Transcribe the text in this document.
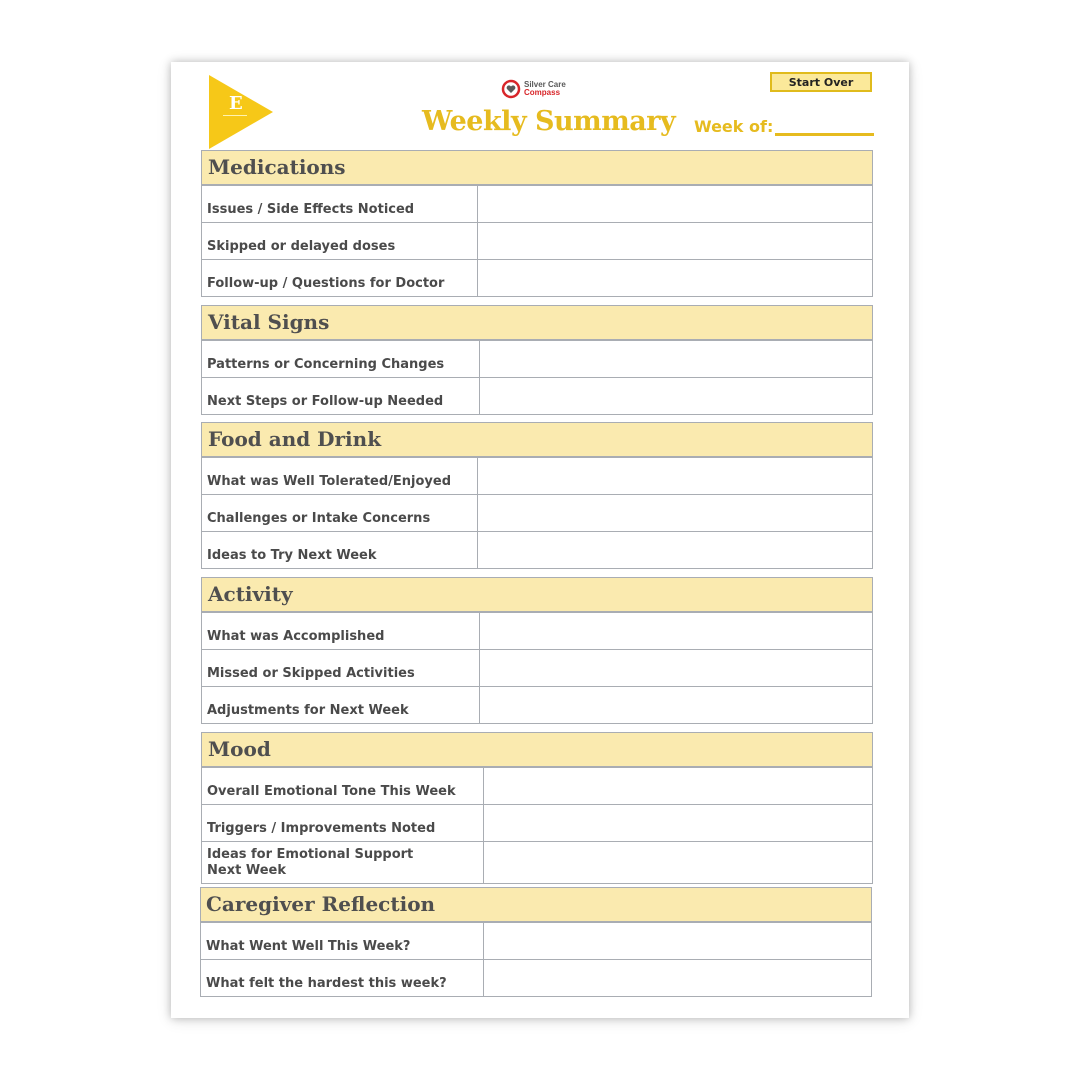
E
Silver Care
Compass
Start Over
Weekly Summary Week of:
Medications
Issues / Side Effects Noticed
Skipped or delayed doses
Follow-up / Questions for Doctor
Vital Signs
Patterns or Concerning Changes
Next Steps or Follow-up Needed
Food and Drink
What was Well Tolerated/Enjoyed
Challenges or Intake Concerns
Ideas to Try Next Week
Activity
What was Accomplished
Missed or Skipped Activities
Adjustments for Next Week
Mood
Overall Emotional Tone This Week
Triggers / Improvements Noted
Ideas for Emotional Support Next Week
Caregiver Reflection
What Went Well This Week?
What felt the hardest this week?
